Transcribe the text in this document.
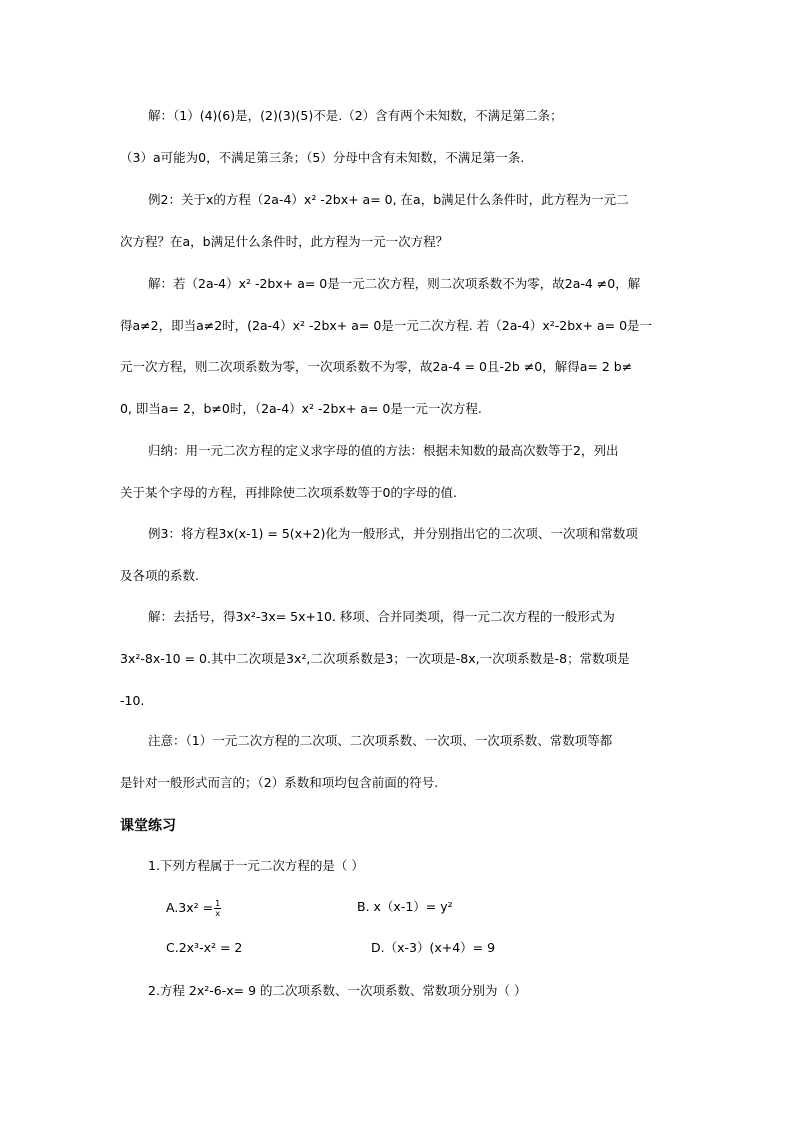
解：（1）(4)(6)是，(2)(3)(5)不是.（2）含有两个未知数，不满足第二条；
（3）a可能为0，不满足第三条；（5）分母中含有未知数，不满足第一条.
例2：关于x的方程（2a-4）x² -2bx+ a= 0, 在a，b满足什么条件时，此方程为一元二
次方程？在a，b满足什么条件时，此方程为一元一次方程？
解：若（2a-4）x² -2bx+ a= 0是一元二次方程，则二次项系数不为零，故2a-4 ≠0，解
得a≠2，即当a≠2时，(2a-4）x² -2bx+ a= 0是一元二次方程. 若（2a-4）x²-2bx+ a= 0是一
元一次方程，则二次项系数为零，一次项系数不为零，故2a-4 = 0且-2b ≠0，解得a= 2 b≠
0, 即当a= 2，b≠0时，（2a-4）x² -2bx+ a= 0是一元一次方程.
归纳：用一元二次方程的定义求字母的值的方法：根据未知数的最高次数等于2，列出
关于某个字母的方程，再排除使二次项系数等于0的字母的值.
例3：将方程3x(x-1) = 5(x+2)化为一般形式，并分别指出它的二次项、一次项和常数项
及各项的系数.
解：去括号，得3x²-3x= 5x+10. 移项、合并同类项，得一元二次方程的一般形式为
3x²-8x-10 = 0.其中二次项是3x²,二次项系数是3；一次项是-8x,一次项系数是-8；常数项是
-10.
注意：（1）一元二次方程的二次项、二次项系数、一次项、一次项系数、常数项等都
是针对一般形式而言的；（2）系数和项均包含前面的符号.
课堂练习
1.下列方程属于一元二次方程的是（ ）
$A.3x^2 = \frac{1}{x}$	B. x（x-1）= y²
C.2x³-x² = 2	D.（x-3）(x+4）= 9
2.方程 2x²-6-x= 9 的二次项系数、一次项系数、常数项分别为（ ）
